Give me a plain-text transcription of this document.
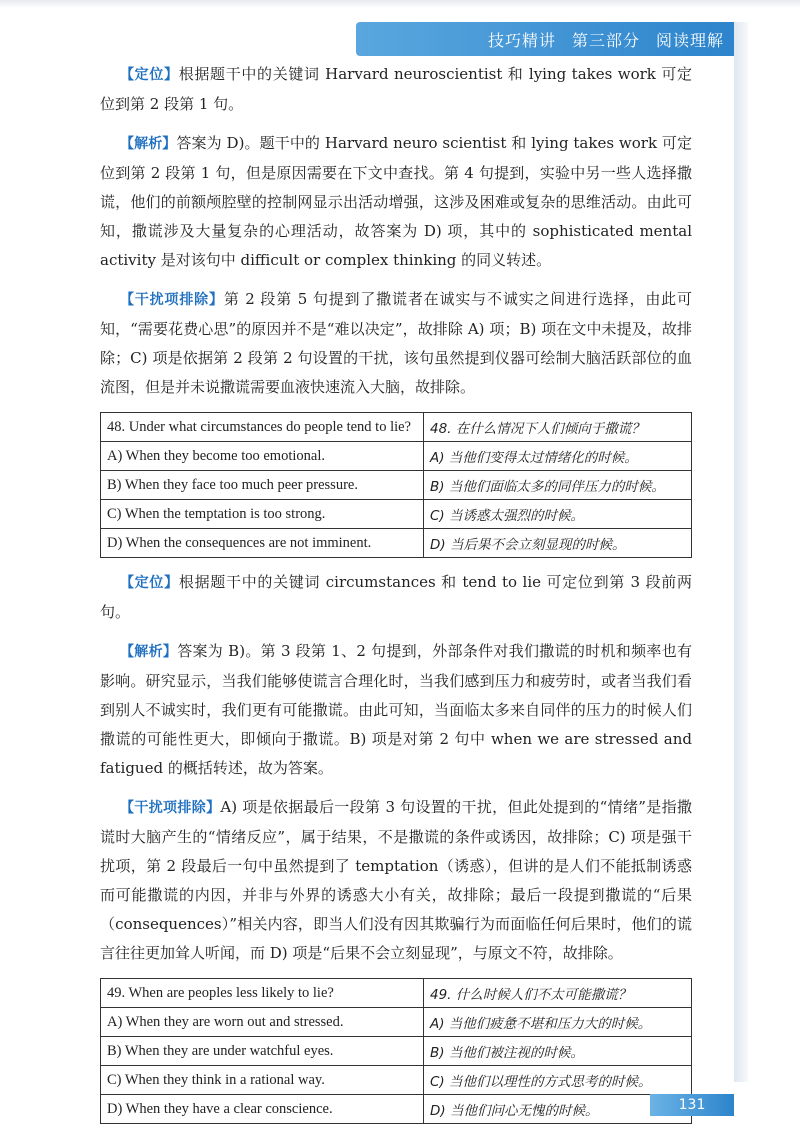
技巧精讲 第三部分 阅读理解

【定位】根据题干中的关键词 Harvard neuroscientist 和 lying takes work 可定位到第 2 段第 1 句。

【解析】答案为 D)。题干中的 Harvard neuro scientist 和 lying takes work 可定位到第 2 段第 1 句，但是原因需要在下文中查找。第 4 句提到，实验中另一些人选择撒谎，他们的前额颅腔壁的控制网显示出活动增强，这涉及困难或复杂的思维活动。由此可知，撒谎涉及大量复杂的心理活动，故答案为 D) 项，其中的 sophisticated mental activity 是对该句中 difficult or complex thinking 的同义转述。

【干扰项排除】第 2 段第 5 句提到了撒谎者在诚实与不诚实之间进行选择，由此可知，“需要花费心思”的原因并不是“难以决定”，故排除 A) 项；B) 项在文中未提及，故排除；C) 项是依据第 2 段第 2 句设置的干扰，该句虽然提到仪器可绘制大脑活跃部位的血流图，但是并未说撒谎需要血液快速流入大脑，故排除。

48. Under what circumstances do people tend to lie?	48. 在什么情况下人们倾向于撒谎？
A) When they become too emotional.	A) 当他们变得太过情绪化的时候。
B) When they face too much peer pressure.	B) 当他们面临太多的同伴压力的时候。
C) When the temptation is too strong.	C) 当诱惑太强烈的时候。
D) When the consequences are not imminent.	D) 当后果不会立刻显现的时候。

【定位】根据题干中的关键词 circumstances 和 tend to lie 可定位到第 3 段前两句。

【解析】答案为 B)。第 3 段第 1、2 句提到，外部条件对我们撒谎的时机和频率也有影响。研究显示，当我们能够使谎言合理化时，当我们感到压力和疲劳时，或者当我们看到别人不诚实时，我们更有可能撒谎。由此可知，当面临太多来自同伴的压力的时候人们撒谎的可能性更大，即倾向于撒谎。B) 项是对第 2 句中 when we are stressed and fatigued 的概括转述，故为答案。

【干扰项排除】A) 项是依据最后一段第 3 句设置的干扰，但此处提到的“情绪”是指撒谎时大脑产生的“情绪反应”，属于结果，不是撒谎的条件或诱因，故排除；C) 项是强干扰项，第 2 段最后一句中虽然提到了 temptation（诱惑），但讲的是人们不能抵制诱惑而可能撒谎的内因，并非与外界的诱惑大小有关，故排除；最后一段提到撒谎的“后果（consequences）”相关内容，即当人们没有因其欺骗行为而面临任何后果时，他们的谎言往往更加耸人听闻，而 D) 项是“后果不会立刻显现”，与原文不符，故排除。

49. When are peoples less likely to lie?	49. 什么时候人们不太可能撒谎？
A) When they are worn out and stressed.	A) 当他们疲惫不堪和压力大的时候。
B) When they are under watchful eyes.	B) 当他们被注视的时候。
C) When they think in a rational way.	C) 当他们以理性的方式思考的时候。
D) When they have a clear conscience.	D) 当他们问心无愧的时候。	131
